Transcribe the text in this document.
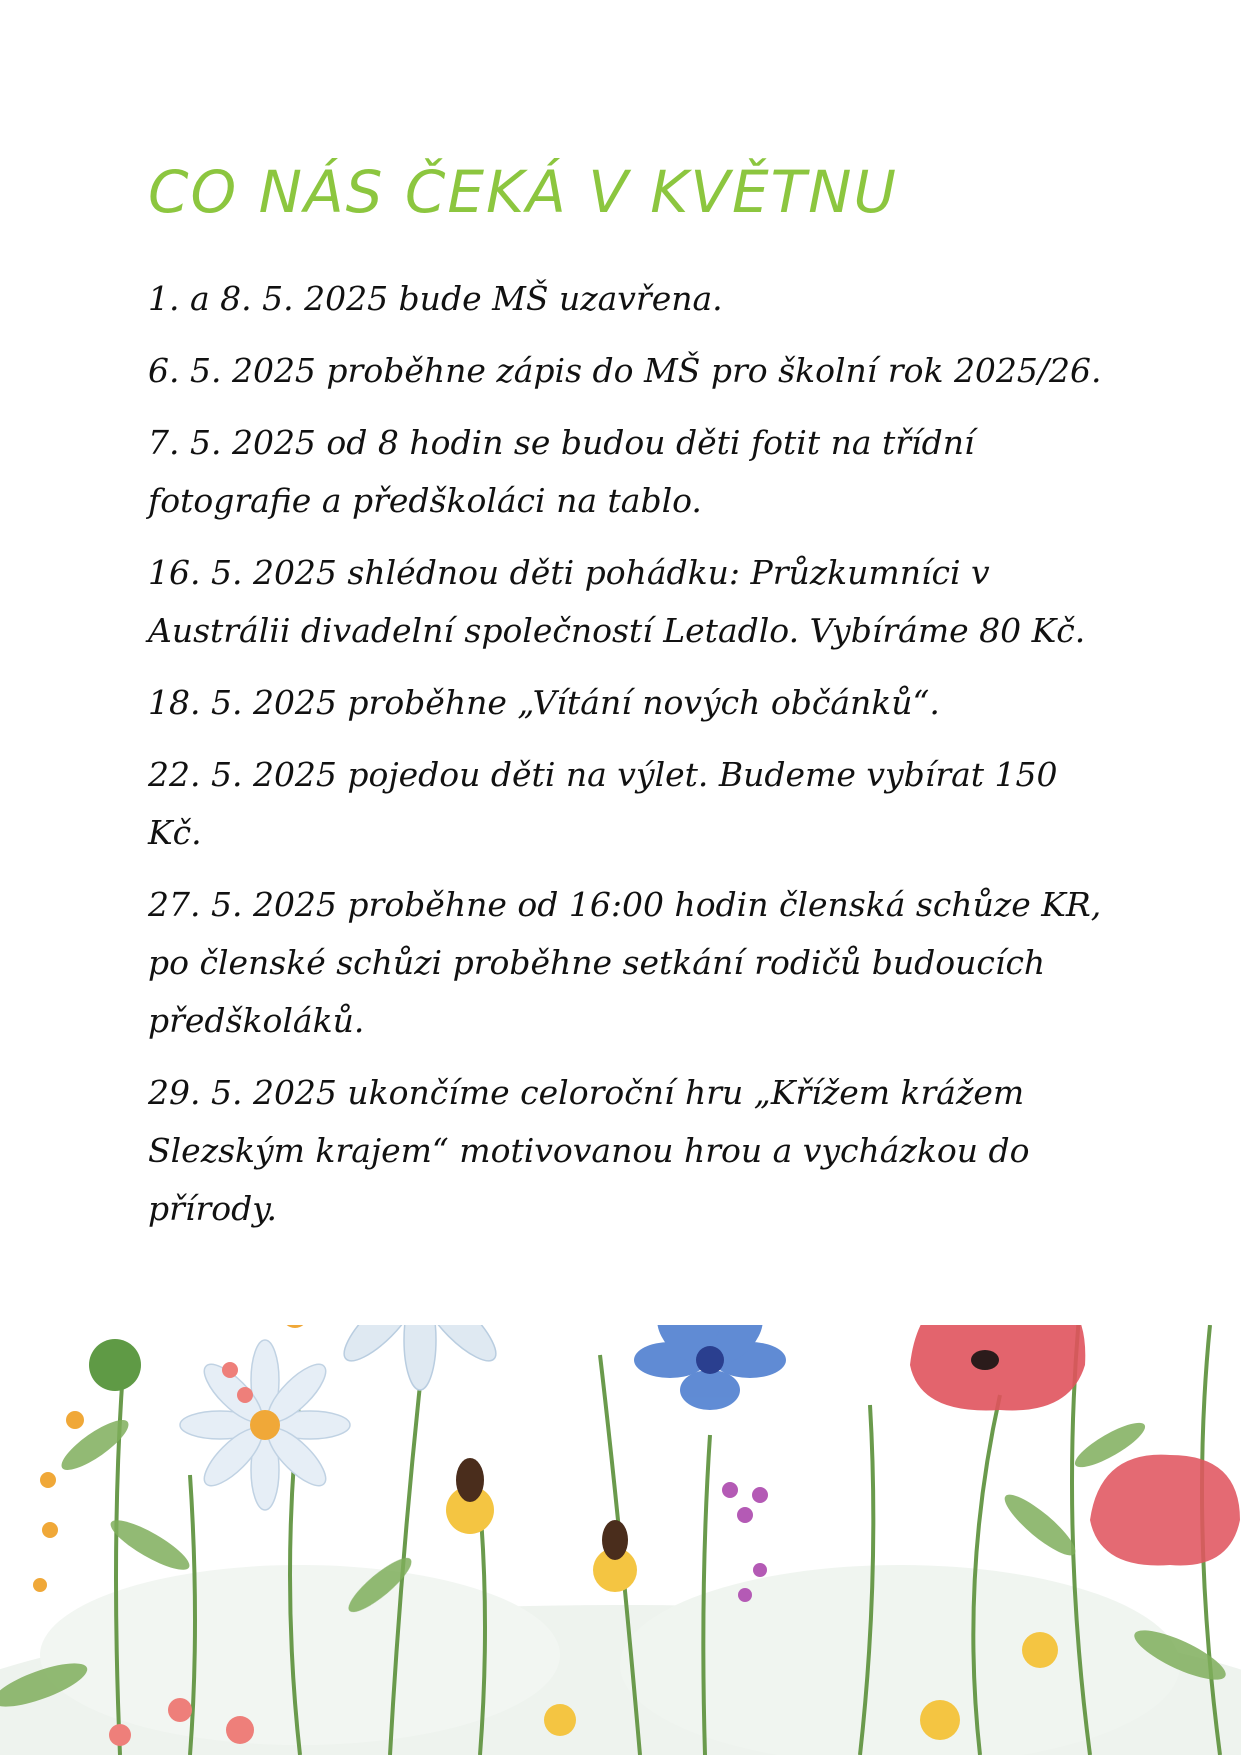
CO NÁS ČEKÁ V KVĚTNU

1. a 8. 5. 2025 bude MŠ uzavřena.

6. 5. 2025 proběhne zápis do MŠ pro školní rok 2025/26.

7. 5. 2025 od 8 hodin se budou děti fotit na třídní fotografie a předškoláci na tablo.

16. 5. 2025 shlédnou děti pohádku: Průzkumníci v Austrálii divadelní společností Letadlo. Vybíráme 80 Kč.

18. 5. 2025 proběhne „Vítání nových občánků“.

22. 5. 2025 pojedou děti na výlet. Budeme vybírat 150 Kč.

27. 5. 2025 proběhne od 16:00 hodin členská schůze KR, po členské schůzi proběhne setkání rodičů budoucích předškoláků.

29. 5. 2025 ukončíme celoroční hru „Křížem krážem Slezským krajem“ motivovanou hrou a vycházkou do přírody.
